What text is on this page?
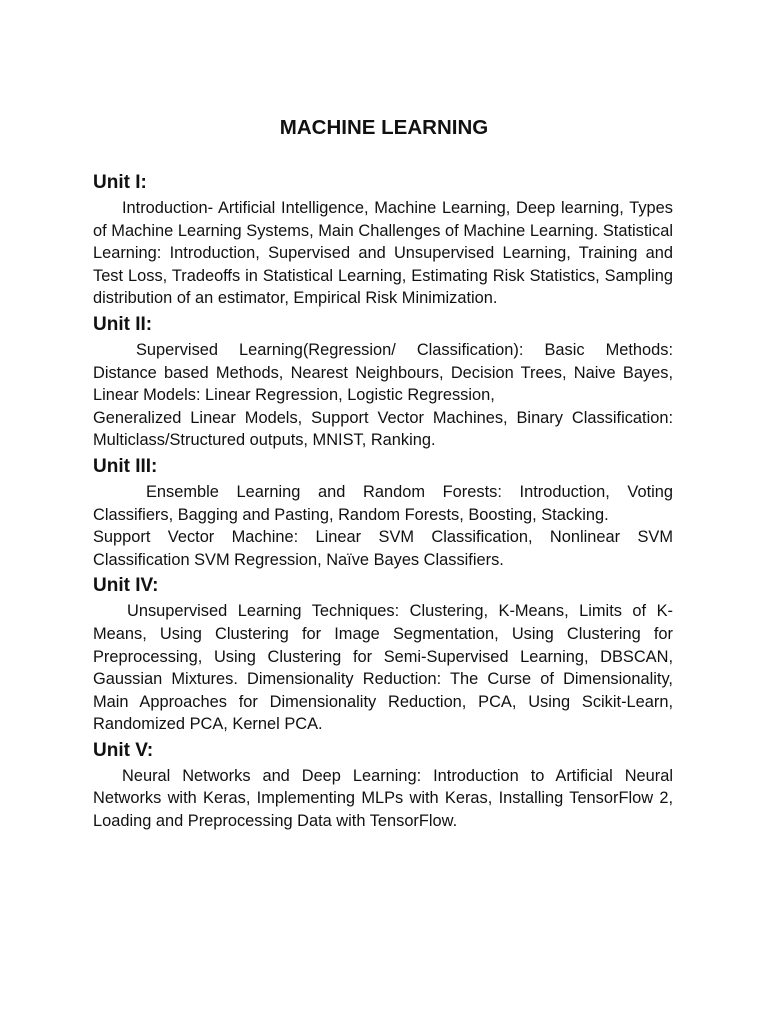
MACHINE LEARNING
Unit I:

Introduction- Artificial Intelligence, Machine Learning, Deep learning, Types of Machine Learning Systems, Main Challenges of Machine Learning. Statistical Learning: Introduction, Supervised and Unsupervised Learning, Training and Test Loss, Tradeoffs in Statistical Learning, Estimating Risk Statistics, Sampling distribution of an estimator, Empirical Risk Minimization.

Unit II:

Supervised Learning(Regression/ Classification): Basic Methods: Distance based Methods, Nearest Neighbours, Decision Trees, Naive Bayes, Linear Models: Linear Regression, Logistic Regression,

Generalized Linear Models, Support Vector Machines, Binary Classification: Multiclass/Structured outputs, MNIST, Ranking.

Unit III:

Ensemble Learning and Random Forests: Introduction, Voting Classifiers, Bagging and Pasting, Random Forests, Boosting, Stacking.

Support Vector Machine: Linear SVM Classification, Nonlinear SVM Classification SVM Regression, Naïve Bayes Classifiers.

Unit IV:

Unsupervised Learning Techniques: Clustering, K-Means, Limits of K-Means, Using Clustering for Image Segmentation, Using Clustering for Preprocessing, Using Clustering for Semi-Supervised Learning, DBSCAN, Gaussian Mixtures. Dimensionality Reduction: The Curse of Dimensionality, Main Approaches for Dimensionality Reduction, PCA, Using Scikit-Learn, Randomized PCA, Kernel PCA.

Unit V:

Neural Networks and Deep Learning: Introduction to Artificial Neural Networks with Keras, Implementing MLPs with Keras, Installing TensorFlow 2, Loading and Preprocessing Data with TensorFlow.
